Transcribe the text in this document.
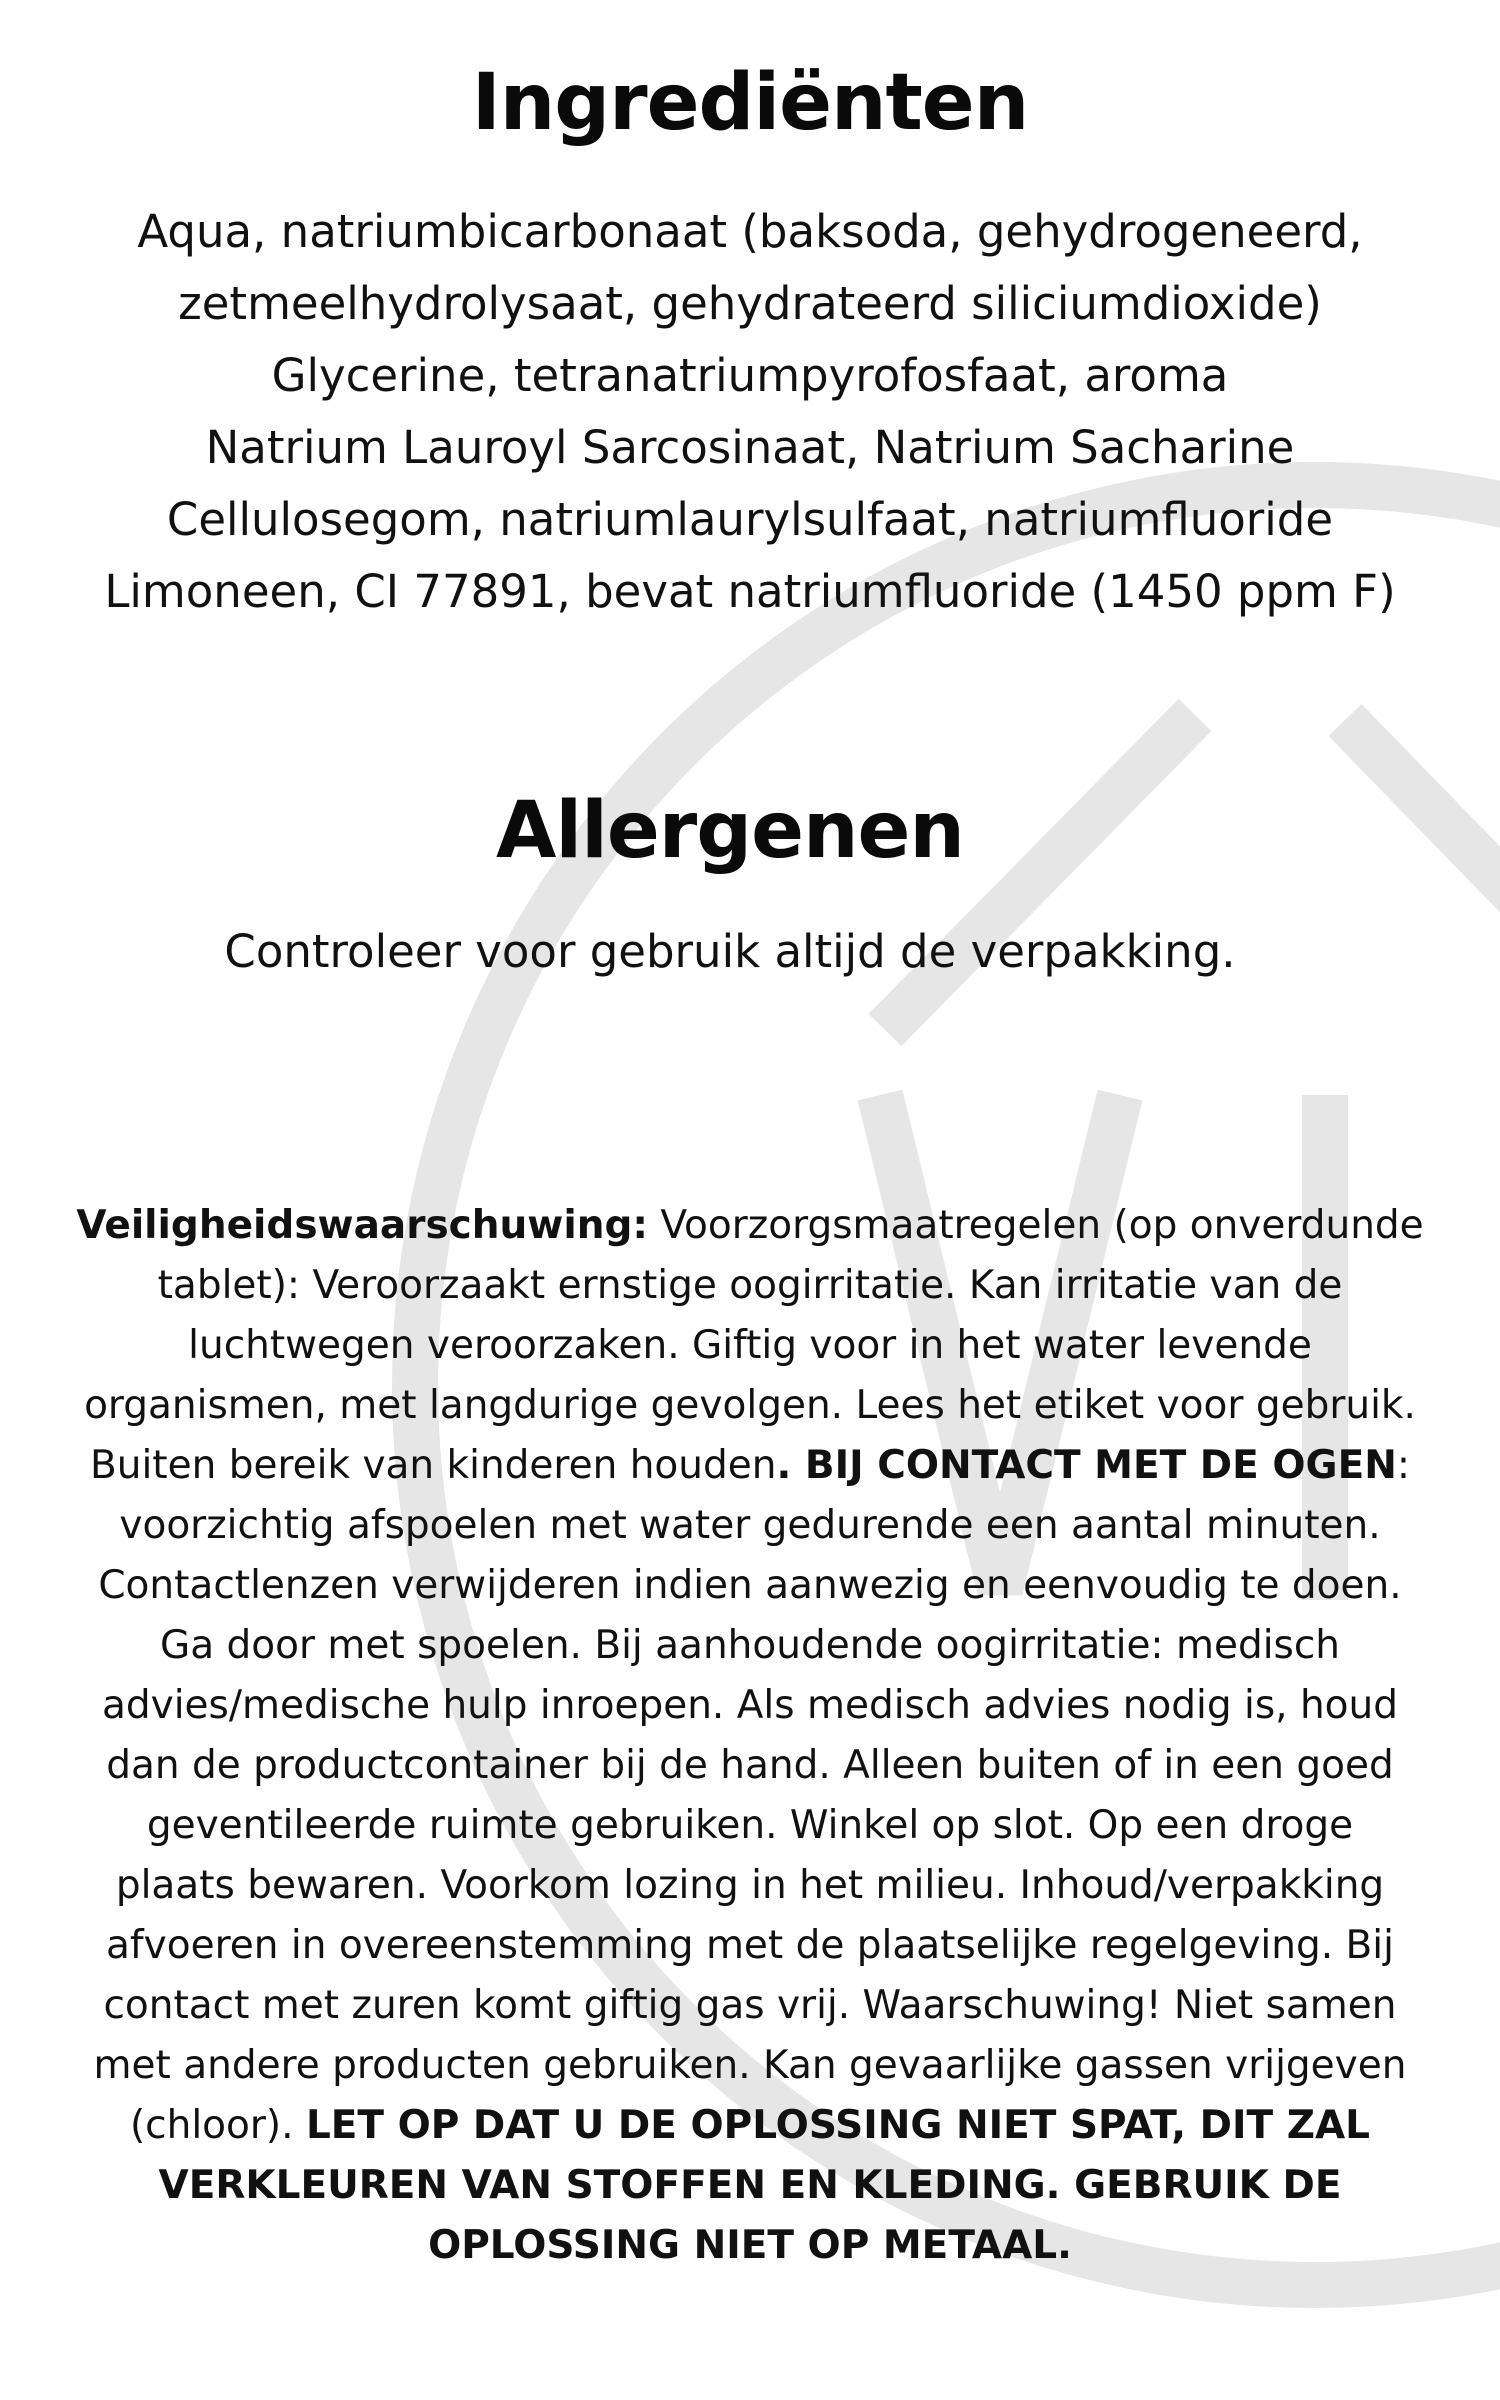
Ingrediënten
Aqua, natriumbicarbonaat (baksoda, gehydrogeneerd,
zetmeelhydrolysaat, gehydrateerd siliciumdioxide)
Glycerine, tetranatriumpyrofosfaat, aroma
Natrium Lauroyl Sarcosinaat, Natrium Sacharine
Cellulosegom, natriumlaurylsulfaat, natriumfluoride
Limoneen, CI 77891, bevat natriumfluoride (1450 ppm F)
Allergenen
Controleer voor gebruik altijd de verpakking.
Veiligheidswaarschuwing: Voorzorgsmaatregelen (op onverdunde
tablet): Veroorzaakt ernstige oogirritatie. Kan irritatie van de
luchtwegen veroorzaken. Giftig voor in het water levende
organismen, met langdurige gevolgen. Lees het etiket voor gebruik.
Buiten bereik van kinderen houden. BIJ CONTACT MET DE OGEN:
voorzichtig afspoelen met water gedurende een aantal minuten.
Contactlenzen verwijderen indien aanwezig en eenvoudig te doen.
Ga door met spoelen. Bij aanhoudende oogirritatie: medisch
advies/medische hulp inroepen. Als medisch advies nodig is, houd
dan de productcontainer bij de hand. Alleen buiten of in een goed
geventileerde ruimte gebruiken. Winkel op slot. Op een droge
plaats bewaren. Voorkom lozing in het milieu. Inhoud/verpakking
afvoeren in overeenstemming met de plaatselijke regelgeving. Bij
contact met zuren komt giftig gas vrij. Waarschuwing! Niet samen
met andere producten gebruiken. Kan gevaarlijke gassen vrijgeven
(chloor). LET OP DAT U DE OPLOSSING NIET SPAT, DIT ZAL
VERKLEUREN VAN STOFFEN EN KLEDING. GEBRUIK DE
OPLOSSING NIET OP METAAL.
